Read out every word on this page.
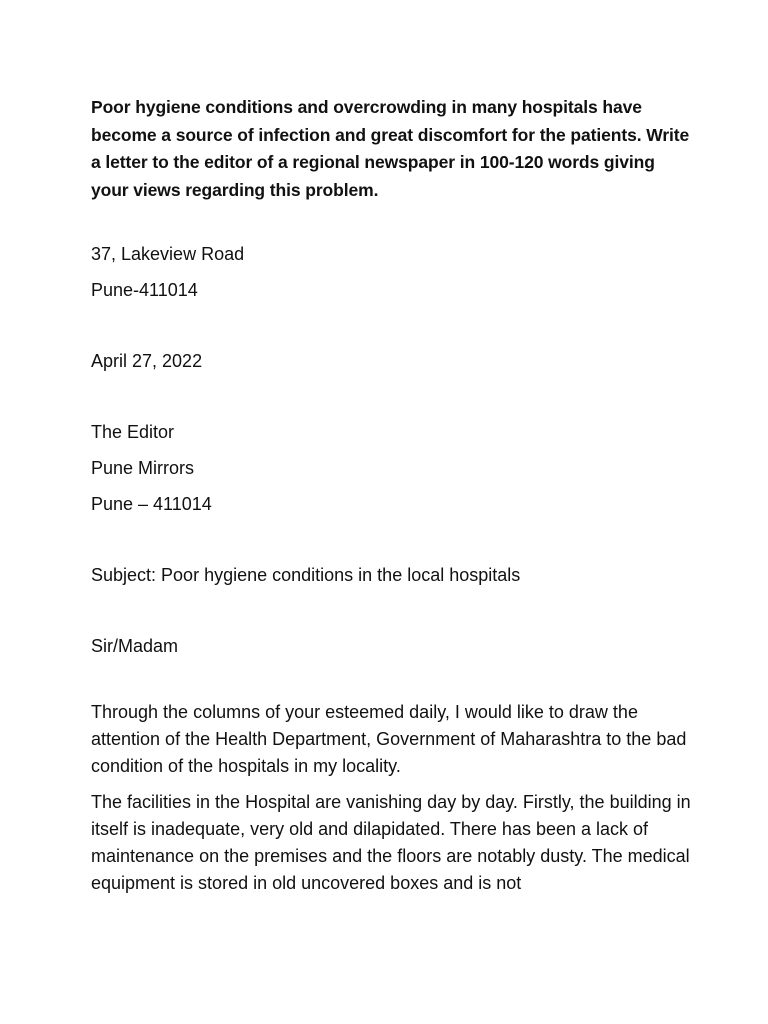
Poor hygiene conditions and overcrowding in many hospitals have become a source of infection and great discomfort for the patients. Write a letter to the editor of a regional newspaper in 100-120 words giving your views regarding this problem.

37, Lakeview Road

Pune-411014

April 27, 2022

The Editor

Pune Mirrors

Pune – 411014

Subject: Poor hygiene conditions in the local hospitals

Sir/Madam

Through the columns of your esteemed daily, I would like to draw the attention of the Health Department, Government of Maharashtra to the bad condition of the hospitals in my locality.

The facilities in the Hospital are vanishing day by day. Firstly, the building in itself is inadequate, very old and dilapidated. There has been a lack of maintenance on the premises and the floors are notably dusty. The medical equipment is stored in old uncovered boxes and is not
